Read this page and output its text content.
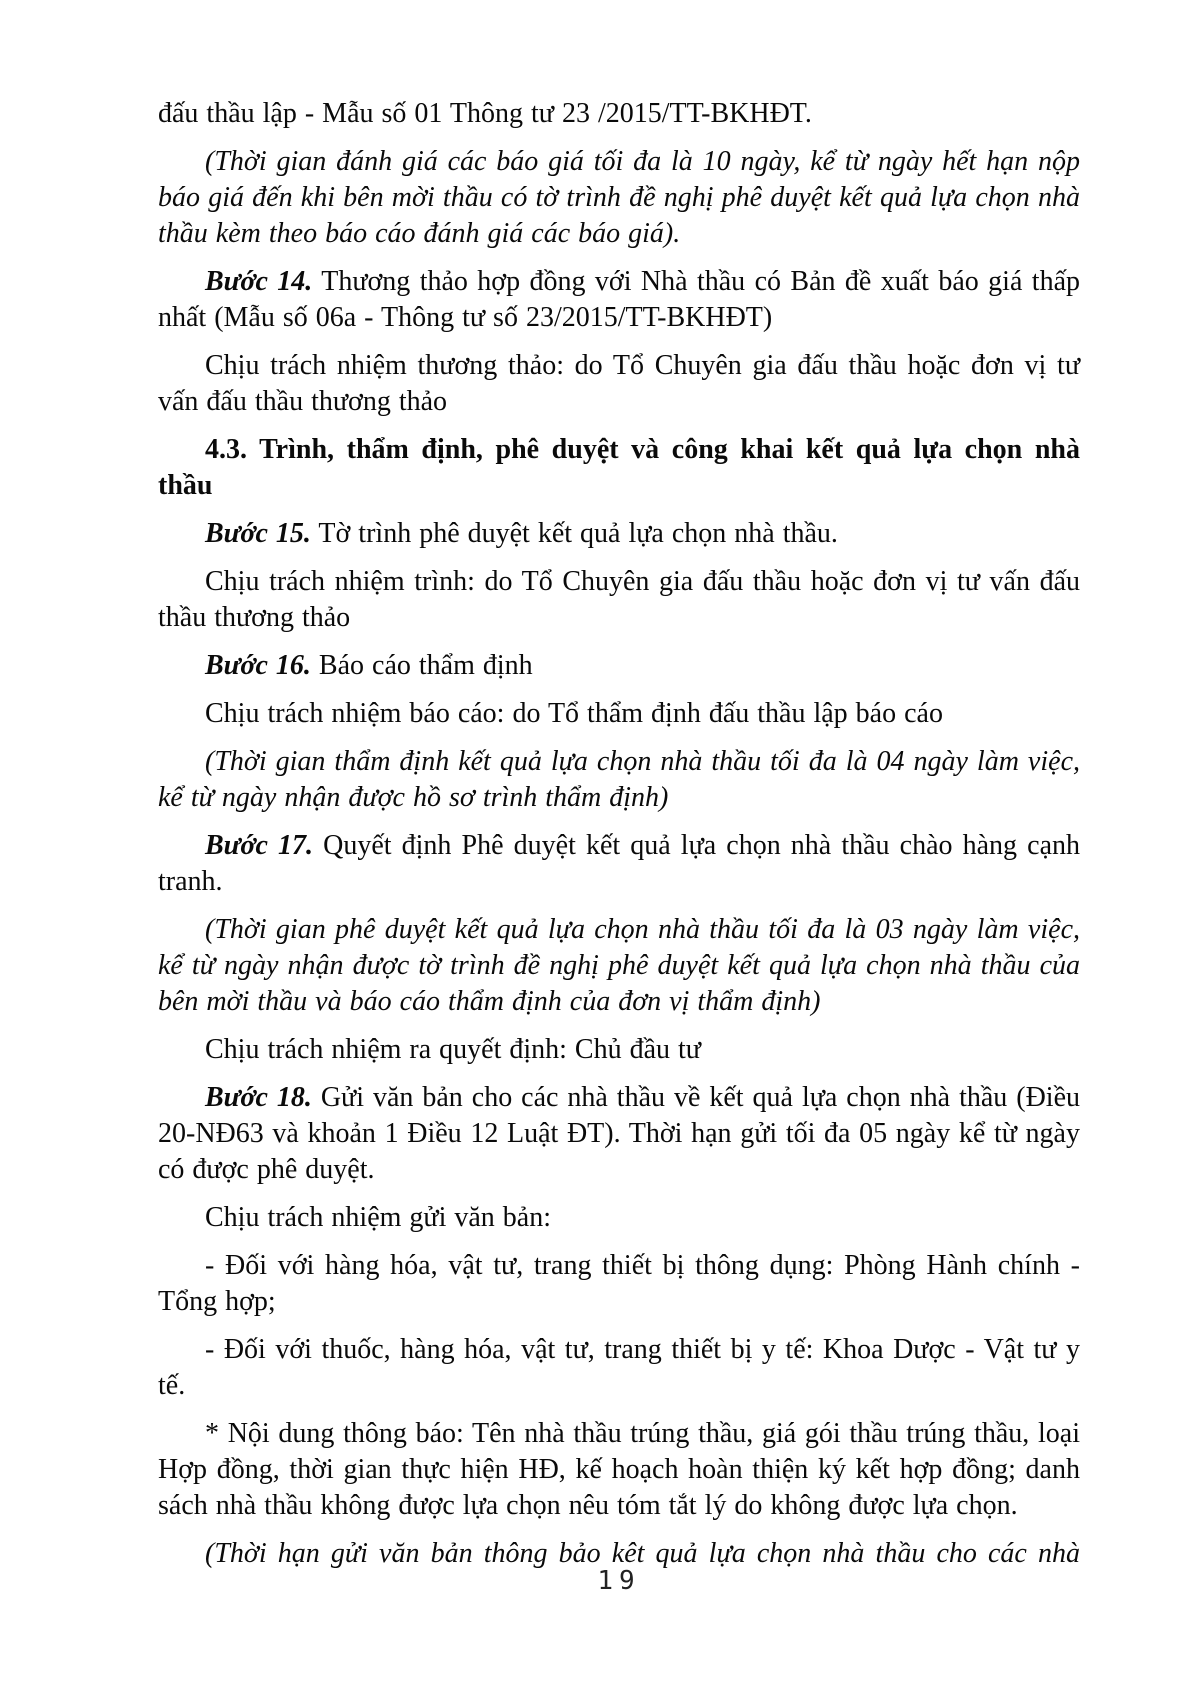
đấu thầu lập - Mẫu số 01 Thông tư 23 /2015/TT-BKHĐT.

(Thời gian đánh giá các báo giá tối đa là 10 ngày, kể từ ngày hết hạn nộp báo giá đến khi bên mời thầu có tờ trình đề nghị phê duyệt kết quả lựa chọn nhà thầu kèm theo báo cáo đánh giá các báo giá).

Bước 14. Thương thảo hợp đồng với Nhà thầu có Bản đề xuất báo giá thấp nhất (Mẫu số 06a - Thông tư số 23/2015/TT-BKHĐT)

Chịu trách nhiệm thương thảo: do Tổ Chuyên gia đấu thầu hoặc đơn vị tư vấn đấu thầu thương thảo

4.3. Trình, thẩm định, phê duyệt và công khai kết quả lựa chọn nhà thầu

Bước 15. Tờ trình phê duyệt kết quả lựa chọn nhà thầu.

Chịu trách nhiệm trình: do Tổ Chuyên gia đấu thầu hoặc đơn vị tư vấn đấu thầu thương thảo

Bước 16. Báo cáo thẩm định

Chịu trách nhiệm báo cáo: do Tổ thẩm định đấu thầu lập báo cáo

(Thời gian thẩm định kết quả lựa chọn nhà thầu tối đa là 04 ngày làm việc, kể từ ngày nhận được hồ sơ trình thẩm định)

Bước 17. Quyết định Phê duyệt kết quả lựa chọn nhà thầu chào hàng cạnh tranh.

(Thời gian phê duyệt kết quả lựa chọn nhà thầu tối đa là 03 ngày làm việc, kể từ ngày nhận được tờ trình đề nghị phê duyệt kết quả lựa chọn nhà thầu của bên mời thầu và báo cáo thẩm định của đơn vị thẩm định)

Chịu trách nhiệm ra quyết định: Chủ đầu tư

Bước 18. Gửi văn bản cho các nhà thầu về kết quả lựa chọn nhà thầu (Điều 20-NĐ63 và khoản 1 Điều 12 Luật ĐT). Thời hạn gửi tối đa 05 ngày kể từ ngày có được phê duyệt.

Chịu trách nhiệm gửi văn bản:

- Đối với hàng hóa, vật tư, trang thiết bị thông dụng: Phòng Hành chính - Tổng hợp;

- Đối với thuốc, hàng hóa, vật tư, trang thiết bị y tế: Khoa Dược - Vật tư y tế.

* Nội dung thông báo: Tên nhà thầu trúng thầu, giá gói thầu trúng thầu, loại Hợp đồng, thời gian thực hiện HĐ, kế hoạch hoàn thiện ký kết hợp đồng; danh sách nhà thầu không được lựa chọn nêu tóm tắt lý do không được lựa chọn.

(Thời hạn gửi văn bản thông bảo kêt quả lựa chọn nhà thầu cho các nhà

19
